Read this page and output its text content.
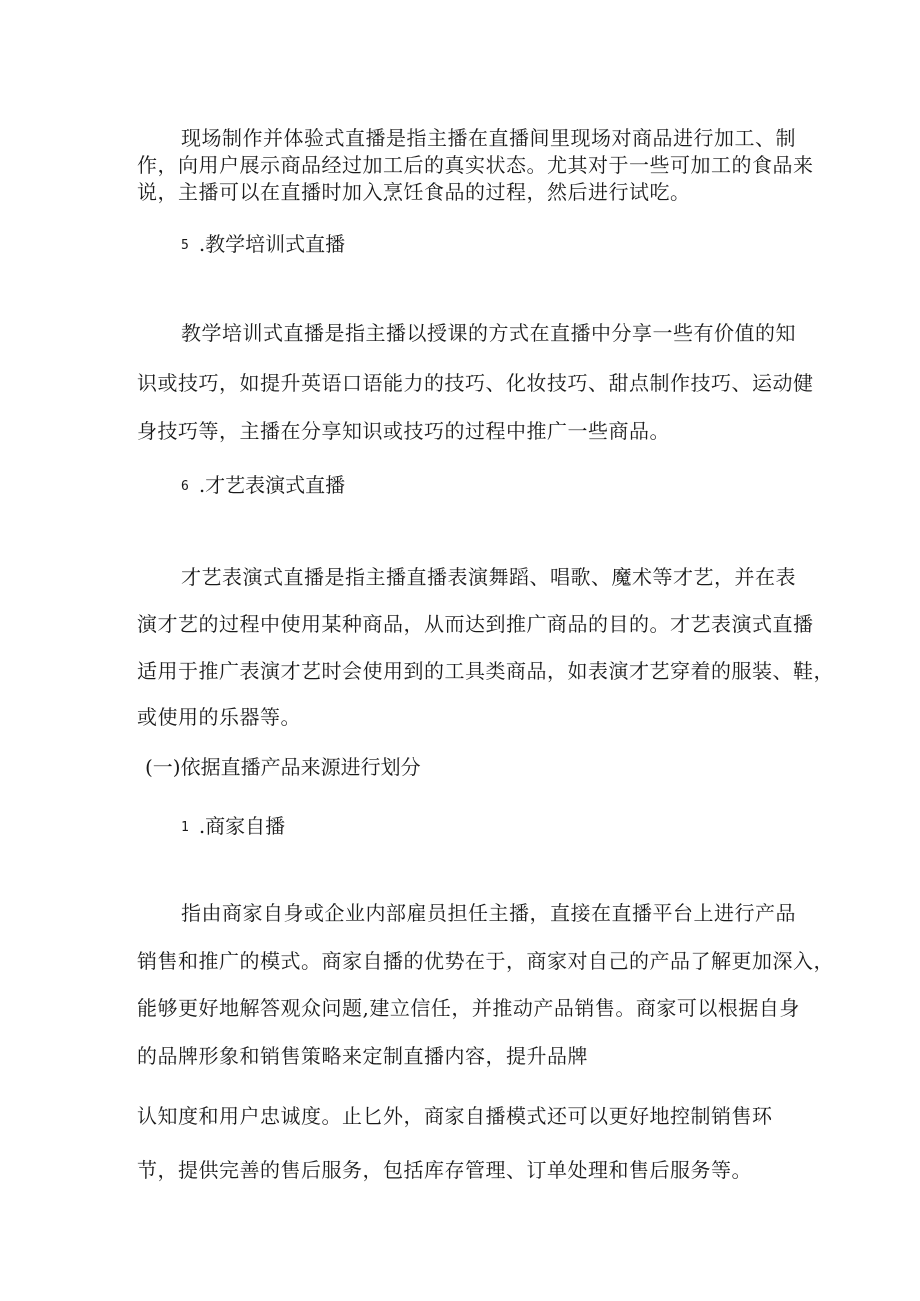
现场制作并体验式直播是指主播在直播间里现场对商品进行加工、制
作，向用户展示商品经过加工后的真实状态。尤其对于一些可加工的食品来
说，主播可以在直播时加入烹饪食品的过程，然后进行试吃。
5 .教学培训式直播
教学培训式直播是指主播以授课的方式在直播中分享一些有价值的知
识或技巧，如提升英语口语能力的技巧、化妆技巧、甜点制作技巧、运动健
身技巧等，主播在分享知识或技巧的过程中推广一些商品。
6 .才艺表演式直播
才艺表演式直播是指主播直播表演舞蹈、唱歌、魔术等才艺，并在表
演才艺的过程中使用某种商品，从而达到推广商品的目的。才艺表演式直播
适用于推广表演才艺时会使用到的工具类商品，如表演才艺穿着的服装、鞋，
或使用的乐器等。
(一)依据直播产品来源进行划分
1 .商家自播
指由商家自身或企业内部雇员担任主播，直接在直播平台上进行产品
销售和推广的模式。商家自播的优势在于，商家对自己的产品了解更加深入，
能够更好地解答观众问题,建立信任，并推动产品销售。商家可以根据自身
的品牌形象和销售策略来定制直播内容，提升品牌
认知度和用户忠诚度。止匕外，商家自播模式还可以更好地控制销售环
节，提供完善的售后服务，包括库存管理、订单处理和售后服务等。
